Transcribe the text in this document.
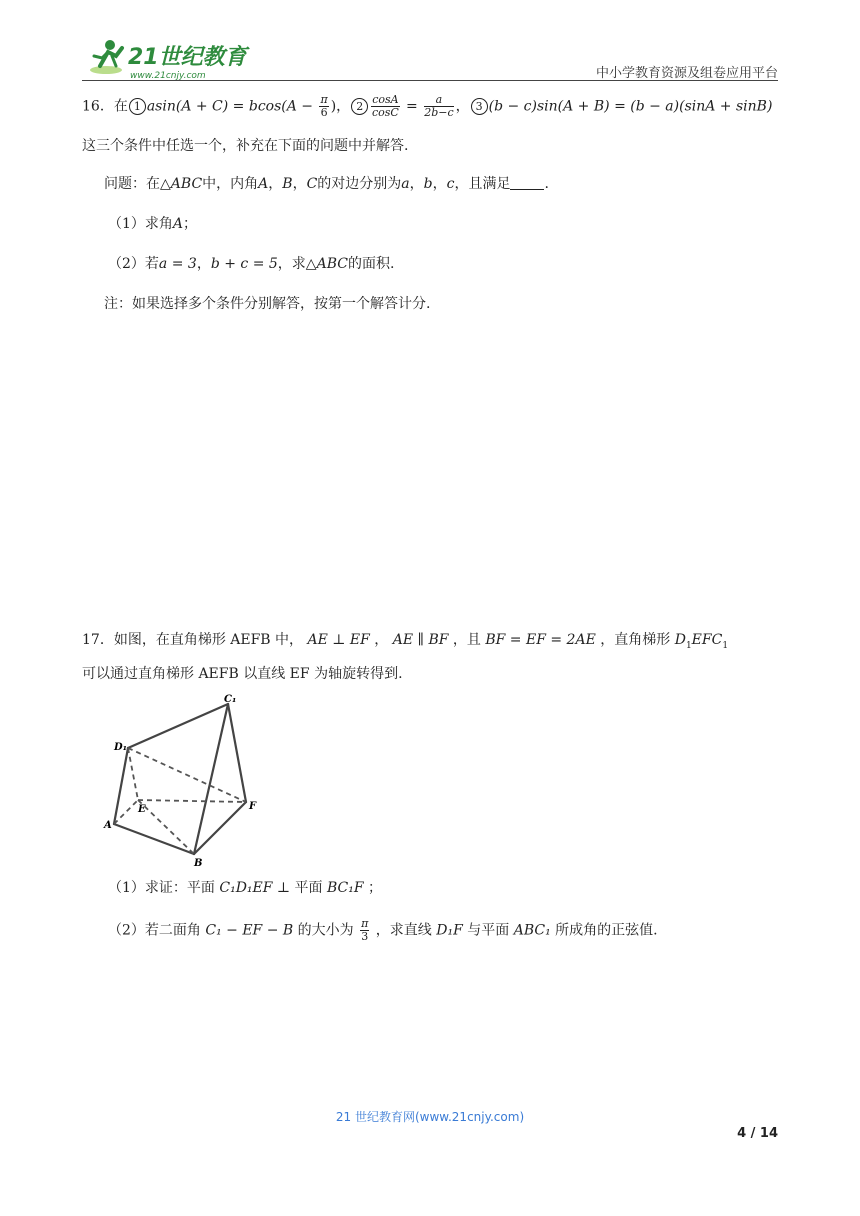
21世纪教育
www.21cnjy.com	中小学教育资源及组卷应用平台
16．在 1 $asin(A + C) = bcos(A - \frac{\pi}{6}$ )， $2 \frac{\cos A}{\cos C} = \frac{a}{2b-c}$ ， 3 (b − c)sin(A + B) = (b − a)(sinA + sinB)
这三个条件中任选一个，补充在下面的问题中并解答.
问题：在△ABC中，内角A，B，C的对边分别为a，b，c，且满足 .
（1）求角A；
（2）若a = 3，b + c = 5，求△ABC的面积.
注：如果选择多个条件分别解答，按第一个解答计分.
17．如图，在直角梯形 AEFB 中， AE ⊥ EF ， AE ∥ BF ，且 BF = EF = 2AE ，直角梯形 $D_1EFC_1$
可以通过直角梯形 AEFB 以直线 EF 为轴旋转得到.
C₁
D₁
E	F
A
B
（1）求证：平面 C₁D₁EF ⊥ 平面 BC₁F ；
（2）若二面角 C₁ − EF − B 的大小为 $\frac{\pi}{3}$ ，求直线 D₁F 与平面 ABC₁ 所成角的正弦值.
21 世纪教育网(www.21cnjy.com)
4 / 14
